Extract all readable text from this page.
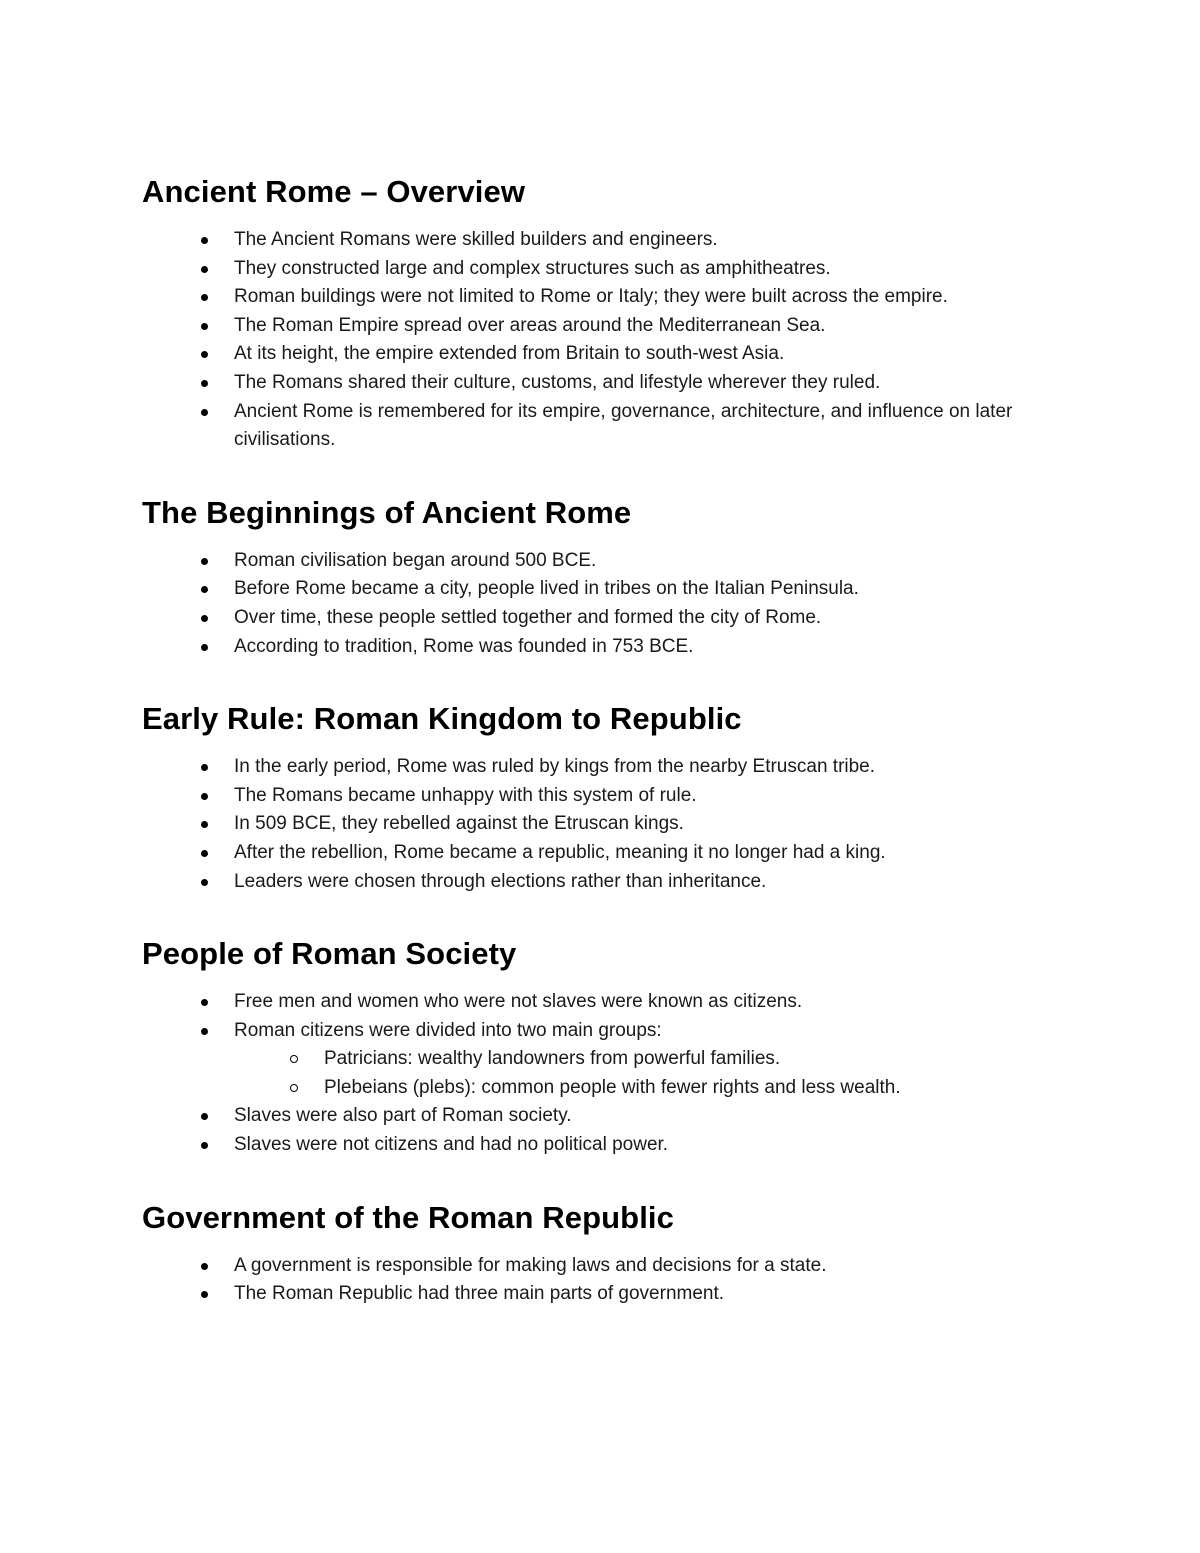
Ancient Rome – Overview
The Ancient Romans were skilled builders and engineers.
They constructed large and complex structures such as amphitheatres.
Roman buildings were not limited to Rome or Italy; they were built across the empire.
The Roman Empire spread over areas around the Mediterranean Sea.
At its height, the empire extended from Britain to south-west Asia.
The Romans shared their culture, customs, and lifestyle wherever they ruled.
Ancient Rome is remembered for its empire, governance, architecture, and influence on later civilisations.
The Beginnings of Ancient Rome
Roman civilisation began around 500 BCE.
Before Rome became a city, people lived in tribes on the Italian Peninsula.
Over time, these people settled together and formed the city of Rome.
According to tradition, Rome was founded in 753 BCE.
Early Rule: Roman Kingdom to Republic
In the early period, Rome was ruled by kings from the nearby Etruscan tribe.
The Romans became unhappy with this system of rule.
In 509 BCE, they rebelled against the Etruscan kings.
After the rebellion, Rome became a republic, meaning it no longer had a king.
Leaders were chosen through elections rather than inheritance.
People of Roman Society
Free men and women who were not slaves were known as citizens.
Roman citizens were divided into two main groups:
Patricians: wealthy landowners from powerful families.
Plebeians (plebs): common people with fewer rights and less wealth.
Slaves were also part of Roman society.
Slaves were not citizens and had no political power.
Government of the Roman Republic
A government is responsible for making laws and decisions for a state.
The Roman Republic had three main parts of government.
